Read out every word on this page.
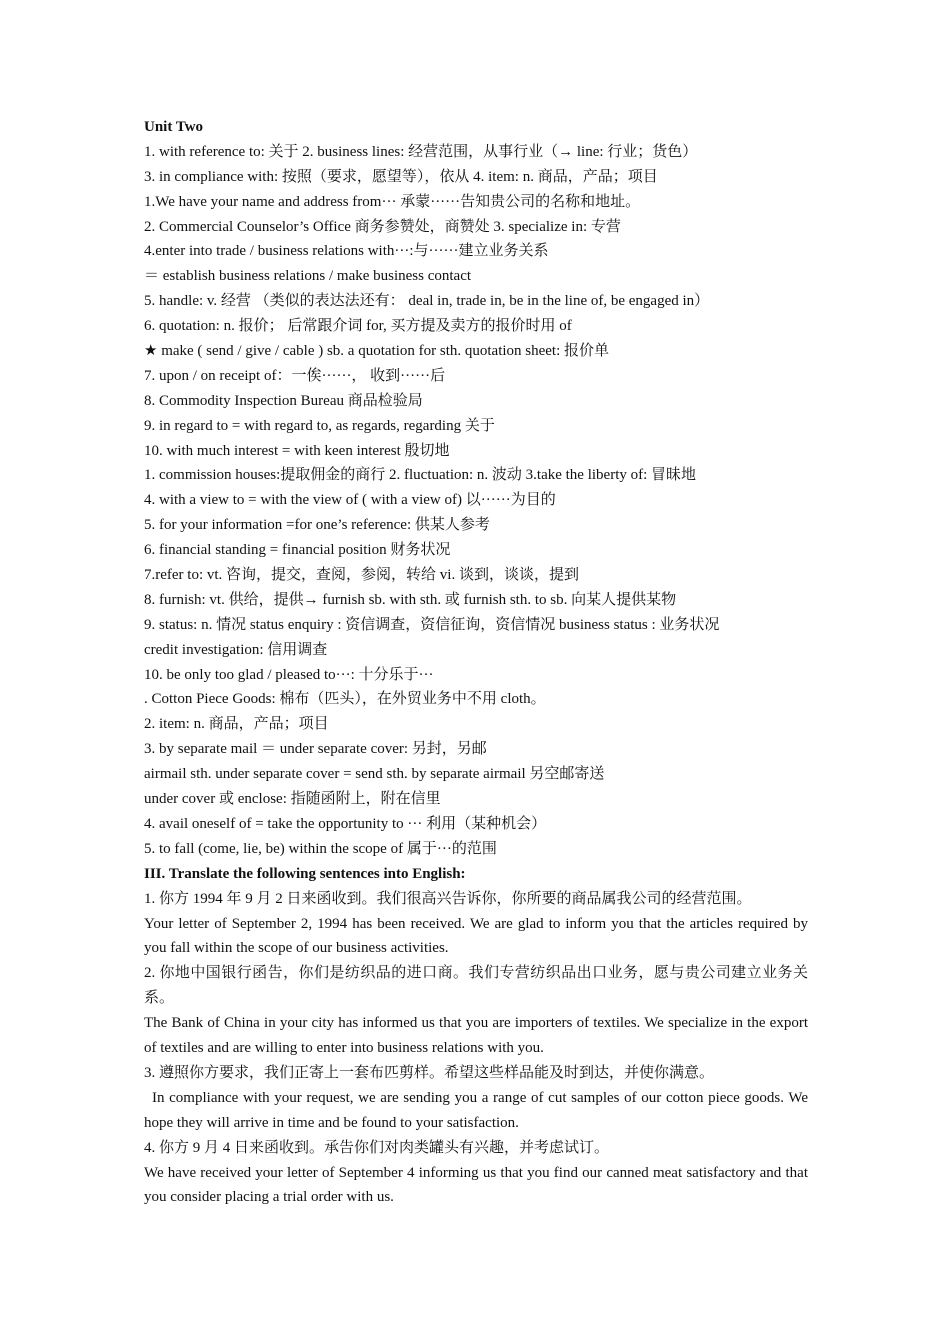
Unit Two
1. with reference to: 关于 2. business lines: 经营范围，从事行业（→ line: 行业；货色）
3. in compliance with: 按照（要求，愿望等），依从 4. item: n. 商品，产品；项目
1.We have your name and address from··· 承蒙······告知贵公司的名称和地址。
2. Commercial Counselor’s Office 商务参赞处，商赞处 3. specialize in: 专营
4.enter into trade / business relations with···:与······建立业务关系
＝ establish business relations / make business contact
5. handle: v. 经营 （类似的表达法还有： deal in, trade in, be in the line of, be engaged in）
6. quotation: n. 报价； 后常跟介词 for, 买方提及卖方的报价时用 of
★ make ( send / give / cable ) sb. a quotation for sth. quotation sheet: 报价单
7. upon / on receipt of：一俟······， 收到······后
8. Commodity Inspection Bureau 商品检验局
9. in regard to = with regard to, as regards, regarding 关于
10. with much interest = with keen interest 殷切地
1. commission houses:提取佣金的商行 2. fluctuation: n. 波动 3.take the liberty of: 冒昧地
4. with a view to = with the view of ( with a view of) 以······为目的
5. for your information =for one’s reference: 供某人参考
6. financial standing = financial position 财务状况
7.refer to: vt. 咨询，提交，查阅，参阅，转给 vi. 谈到，谈谈，提到
8. furnish: vt. 供给，提供→ furnish sb. with sth. 或 furnish sth. to sb. 向某人提供某物
9. status: n. 情况 status enquiry : 资信调查，资信征询，资信情况 business status : 业务状况
credit investigation: 信用调查
10. be only too glad / pleased to···: 十分乐于···
. Cotton Piece Goods: 棉布（匹头），在外贸业务中不用 cloth。
2. item: n. 商品，产品；项目
3. by separate mail ＝ under separate cover: 另封，另邮
airmail sth. under separate cover = send sth. by separate airmail 另空邮寄送
under cover 或 enclose: 指随函附上，附在信里
4. avail oneself of = take the opportunity to ··· 利用（某种机会）
5. to fall (come, lie, be) within the scope of 属于···的范围
III. Translate the following sentences into English:
1. 你方 1994 年 9 月 2 日来函收到。我们很高兴告诉你，你所要的商品属我公司的经营范围。
Your letter of September 2, 1994 has been received. We are glad to inform you that the articles required by you fall within the scope of our business activities.
2. 你地中国银行函告，你们是纺织品的进口商。我们专营纺织品出口业务，愿与贵公司建立业务关系。
The Bank of China in your city has informed us that you are importers of textiles. We specialize in the export of textiles and are willing to enter into business relations with you.
3. 遵照你方要求，我们正寄上一套布匹剪样。希望这些样品能及时到达，并使你满意。
In compliance with your request, we are sending you a range of cut samples of our cotton piece goods. We hope they will arrive in time and be found to your satisfaction.
4. 你方 9 月 4 日来函收到。承告你们对肉类罐头有兴趣，并考虑试订。
We have received your letter of September 4 informing us that you find our canned meat satisfactory and that you consider placing a trial order with us.
